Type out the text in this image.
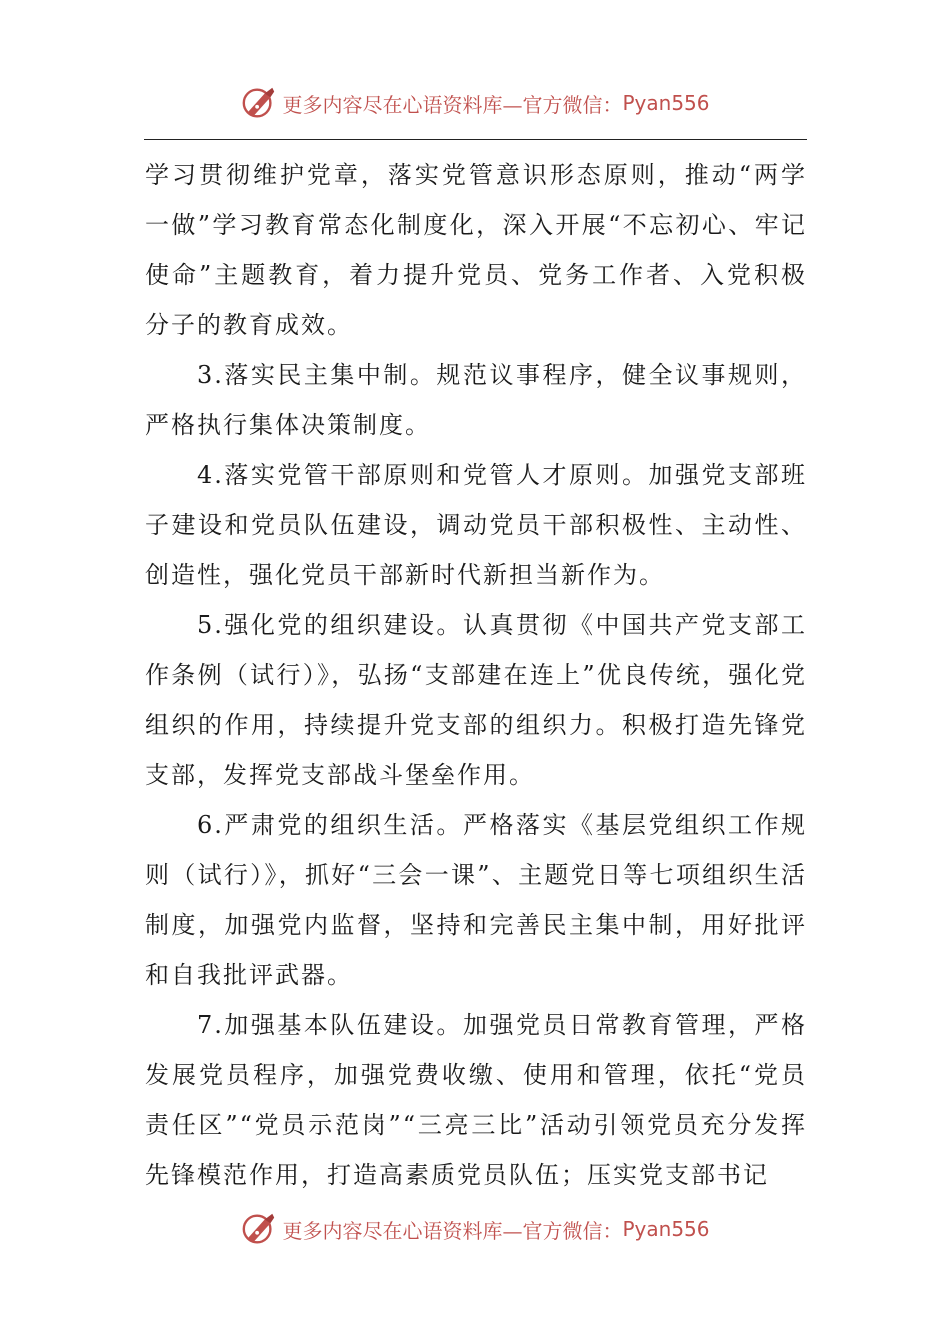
更多内容尽在心语资料库—官方微信： Pyan556

学习贯彻维护党章，落实党管意识形态原则，推动“两学一做”学习教育常态化制度化，深入开展“不忘初心、牢记使命”主题教育，着力提升党员、党务工作者、入党积极分子的教育成效。

3.落实民主集中制。规范议事程序，健全议事规则，严格执行集体决策制度。

4.落实党管干部原则和党管人才原则。加强党支部班子建设和党员队伍建设，调动党员干部积极性、主动性、创造性，强化党员干部新时代新担当新作为。

5.强化党的组织建设。认真贯彻《中国共产党支部工作条例（试行）》，弘扬“支部建在连上”优良传统，强化党组织的作用，持续提升党支部的组织力。积极打造先锋党支部，发挥党支部战斗堡垒作用。

6.严肃党的组织生活。严格落实《基层党组织工作规则（试行）》，抓好“三会一课”、主题党日等七项组织生活制度，加强党内监督，坚持和完善民主集中制，用好批评和自我批评武器。

7.加强基本队伍建设。加强党员日常教育管理，严格发展党员程序，加强党费收缴、使用和管理，依托“党员责任区”“党员示范岗”“三亮三比”活动引领党员充分发挥先锋模范作用，打造高素质党员队伍；压实党支部书记

更多内容尽在心语资料库—官方微信： Pyan556
